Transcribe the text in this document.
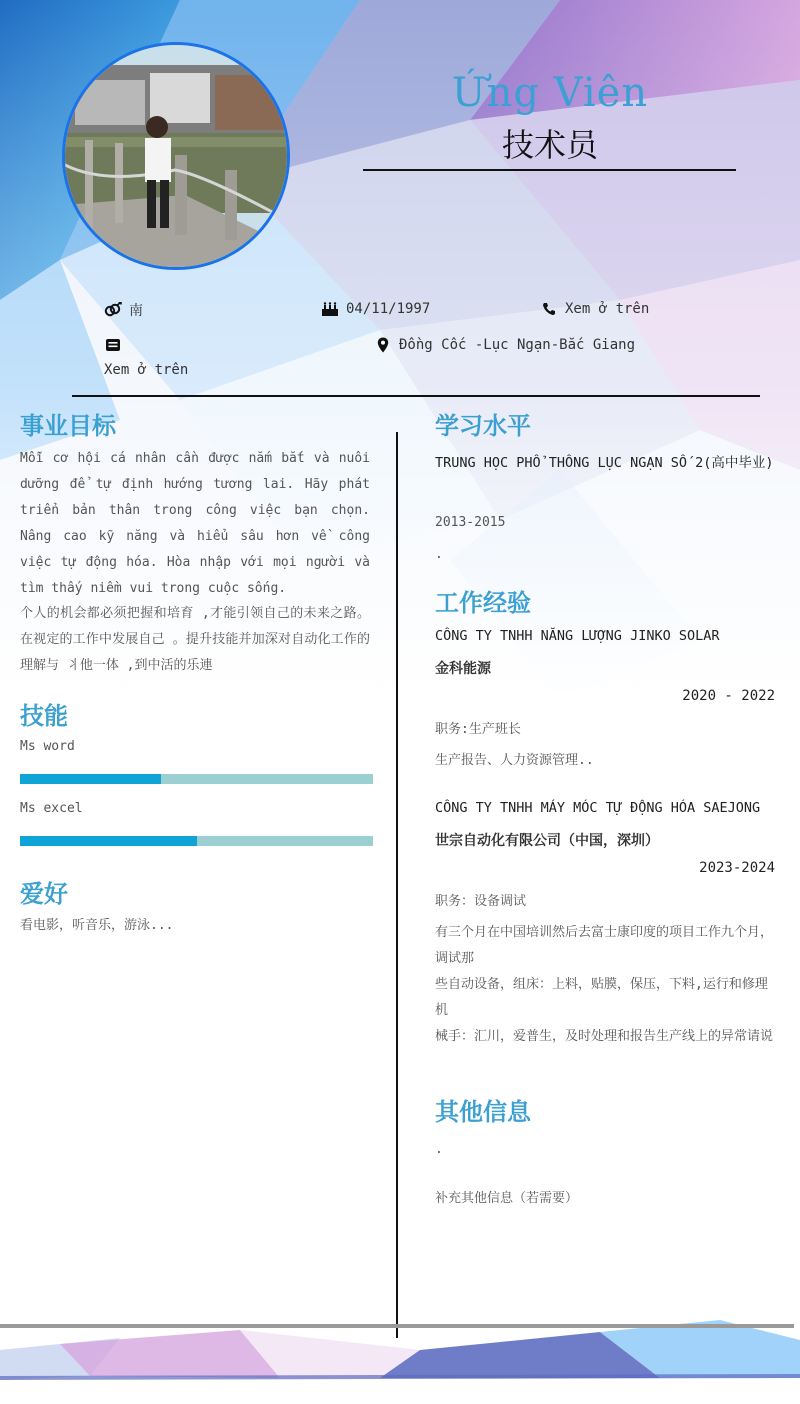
Ứng Viên
技术员
南	04/11/1997	Xem ở trên
Đồng Cốc -Lục Ngạn-Bắc Giang
Xem ở trên
事业目标
Mỗi cơ hội cá nhân cần được nắm bắt và nuôi dưỡng để tự định hướng tương lai. Hãy phát triển bản thân trong công việc bạn chọn. Nâng cao kỹ năng và hiểu sâu hơn về công việc tự động hóa. Hòa nhập với mọi người và tìm thấy niềm vui trong cuộc sống.
个人的机会都必须把握和培育 ,才能引领自己的未来之路。在视定的工作中发展自己 。提升技能并加深对自动化工作的理解与 丬他一体 ,到中活的乐連
技能
Ms word
Ms excel
爱好
看电影，听音乐，游泳...
学习水平
TRUNG HỌC PHỔ THÔNG LỤC NGẠN SỐ 2(高中毕业)
2013-2015
.
工作经验
CÔNG TY TNHH NĂNG LƯỢNG JINKO SOLAR
金科能源
2020 - 2022
职务:生产班长
生产报告、人力资源管理..
CÔNG TY TNHH MÁY MÓC TỰ ĐỘNG HÓA SAEJONG
世宗自动化有限公司（中国，深圳）
2023-2024
职务：设备调试
有三个月在中国培训然后去富士康印度的项目工作九个月，调试那
些自动设备，组床：上料，贴膜，保压，下料,运行和修理机
械手：汇川，爱普生，及时处理和报告生产线上的异常请说
其他信息
.
补充其他信息（若需要）
